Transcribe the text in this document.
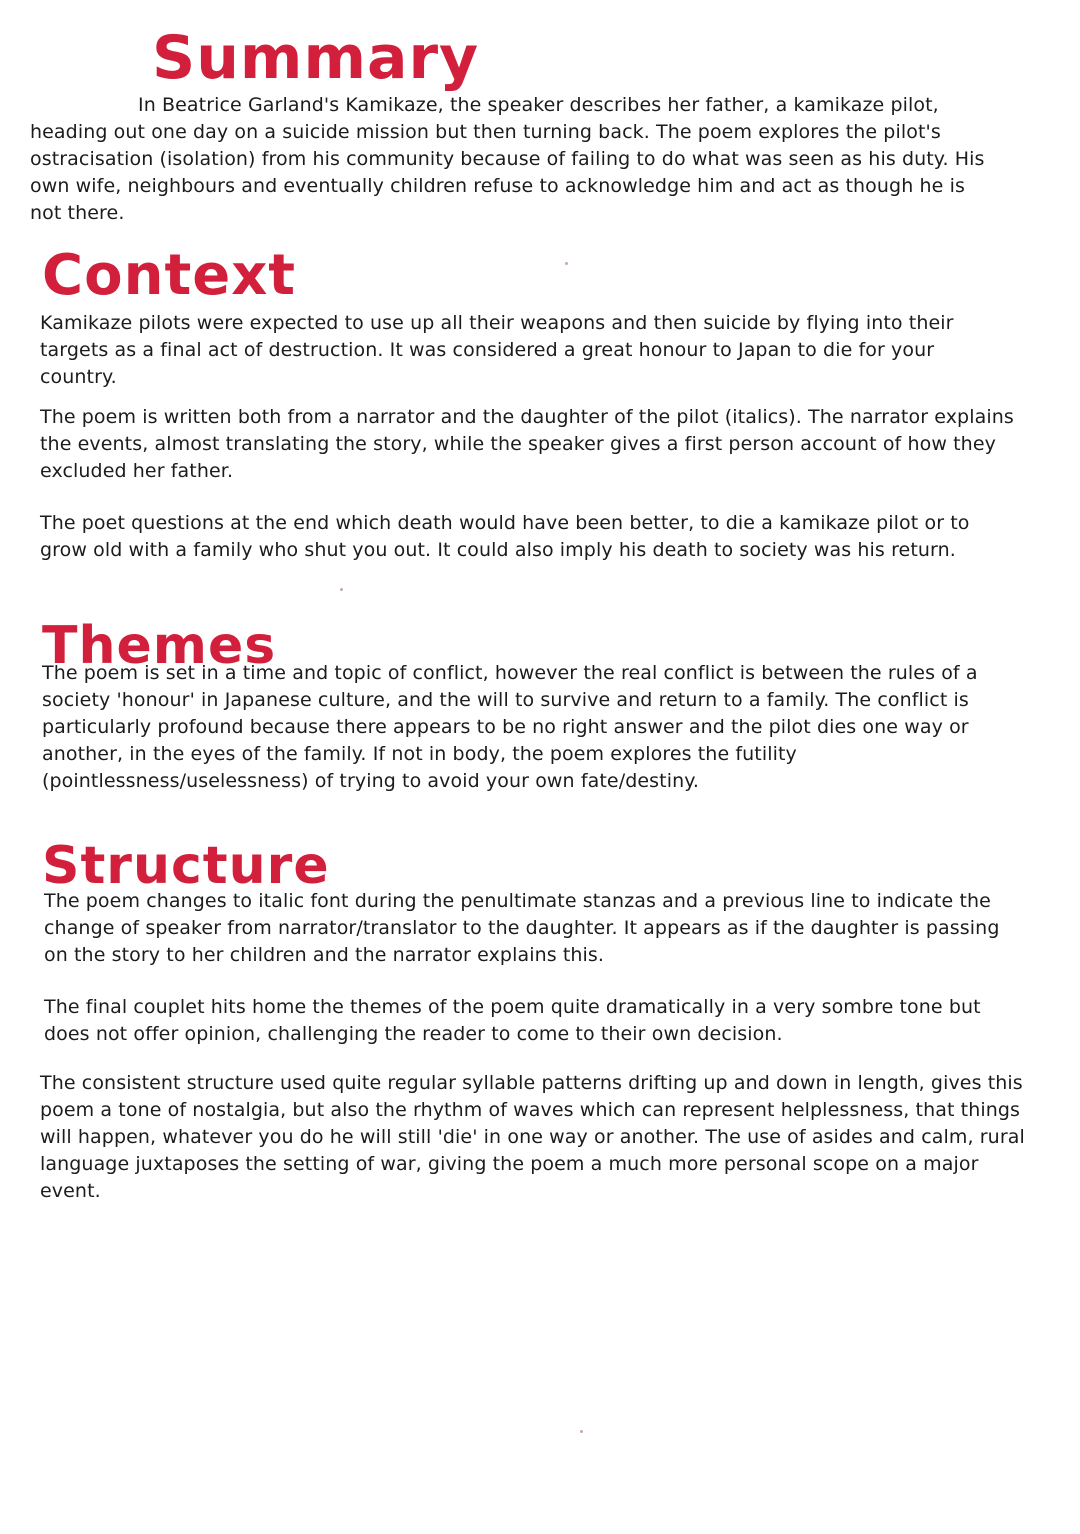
Summary

In Beatrice Garland's Kamikaze, the speaker describes her father, a kamikaze pilot, heading out one day on a suicide mission but then turning back. The poem explores the pilot's ostracisation (isolation) from his community because of failing to do what was seen as his duty. His own wife, neighbours and eventually children refuse to acknowledge him and act as though he is not there.

Context

Kamikaze pilots were expected to use up all their weapons and then suicide by flying into their targets as a final act of destruction. It was considered a great honour to Japan to die for your country.

The poem is written both from a narrator and the daughter of the pilot (italics). The narrator explains the events, almost translating the story, while the speaker gives a first person account of how they excluded her father.

The poet questions at the end which death would have been better, to die a kamikaze pilot or to grow old with a family who shut you out. It could also imply his death to society was his return.

Themes

The poem is set in a time and topic of conflict, however the real conflict is between the rules of a society 'honour' in Japanese culture, and the will to survive and return to a family. The conflict is particularly profound because there appears to be no right answer and the pilot dies one way or another, in the eyes of the family. If not in body, the poem explores the futility (pointlessness/uselessness) of trying to avoid your own fate/destiny.

Structure

The poem changes to italic font during the penultimate stanzas and a previous line to indicate the change of speaker from narrator/translator to the daughter. It appears as if the daughter is passing on the story to her children and the narrator explains this.

The final couplet hits home the themes of the poem quite dramatically in a very sombre tone but does not offer opinion, challenging the reader to come to their own decision.

The consistent structure used quite regular syllable patterns drifting up and down in length, gives this poem a tone of nostalgia, but also the rhythm of waves which can represent helplessness, that things will happen, whatever you do he will still 'die' in one way or another. The use of asides and calm, rural language juxtaposes the setting of war, giving the poem a much more personal scope on a major event.
